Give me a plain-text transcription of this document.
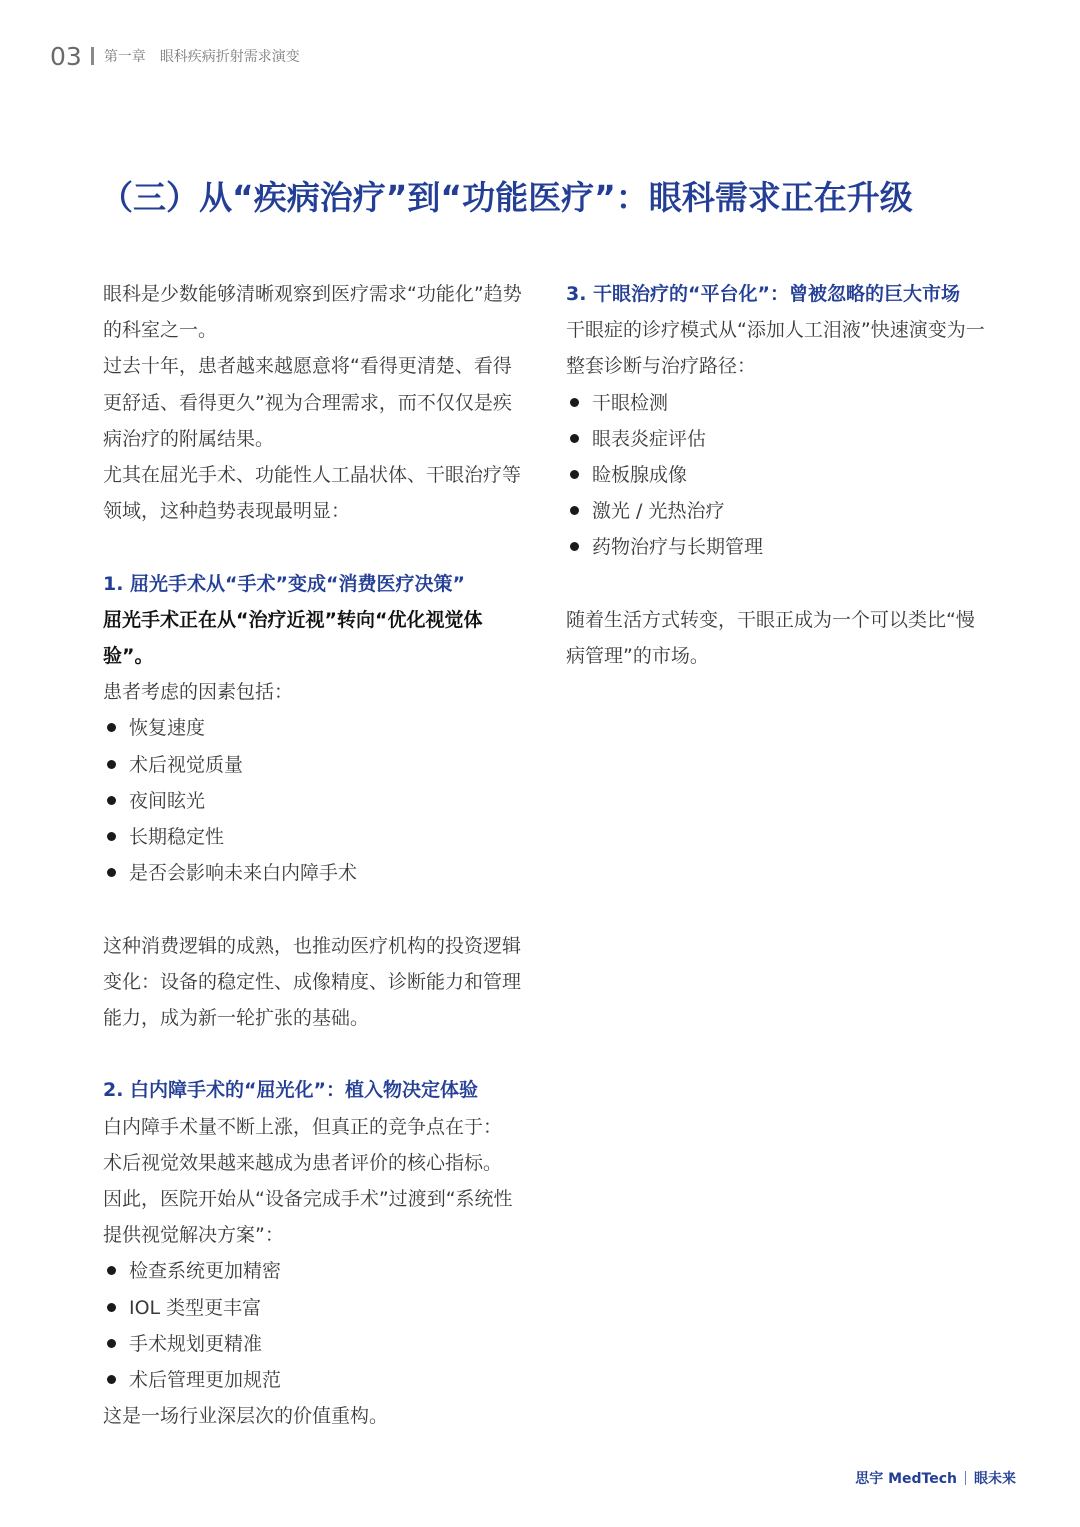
03 第一章 眼科疾病折射需求演变
（三）从“疾病治疗”到“功能医疗”：眼科需求正在升级

眼科是少数能够清晰观察到医疗需求“功能化”趋势的科室之一。

过去十年，患者越来越愿意将“看得更清楚、看得更舒适、看得更久”视为合理需求，而不仅仅是疾病治疗的附属结果。

尤其在屈光手术、功能性人工晶状体、干眼治疗等领域，这种趋势表现最明显：

1. 屈光手术从“手术”变成“消费医疗决策”

屈光手术正在从“治疗近视”转向“优化视觉体验”。

患者考虑的因素包括：

恢复速度
术后视觉质量
夜间眩光
长期稳定性
是否会影响未来白内障手术

这种消费逻辑的成熟，也推动医疗机构的投资逻辑变化：设备的稳定性、成像精度、诊断能力和管理能力，成为新一轮扩张的基础。

2. 白内障手术的“屈光化”：植入物决定体验

白内障手术量不断上涨，但真正的竞争点在于：

术后视觉效果越来越成为患者评价的核心指标。

因此，医院开始从“设备完成手术”过渡到“系统性提供视觉解决方案”：

检查系统更加精密
IOL 类型更丰富
手术规划更精准
术后管理更加规范

这是一场行业深层次的价值重构。

3. 干眼治疗的“平台化”：曾被忽略的巨大市场

干眼症的诊疗模式从“添加人工泪液”快速演变为一整套诊断与治疗路径：

干眼检测
眼表炎症评估
睑板腺成像
激光 / 光热治疗
药物治疗与长期管理

随着生活方式转变，干眼正成为一个可以类比“慢病管理”的市场。

思宇 MedTech 眼未来
